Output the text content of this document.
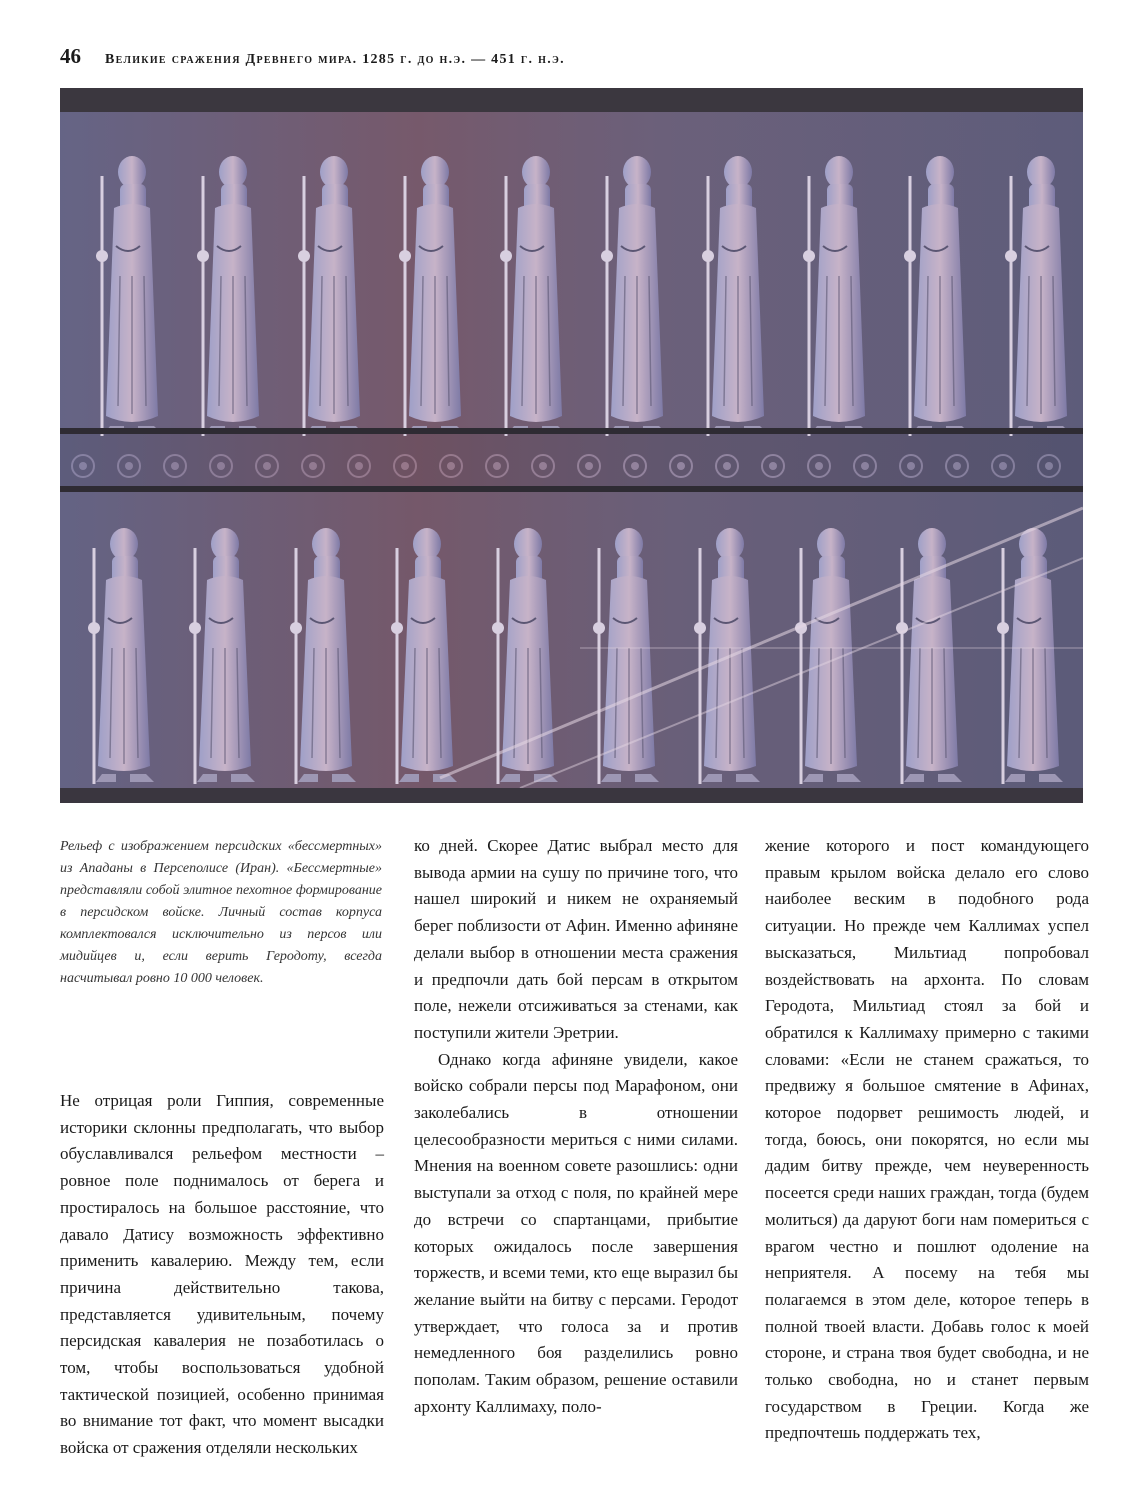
46 Великие сражения Древнего мира. 1285 г. до н.э. — 451 г. н.э.
Рельеф с изображением персидских «бессмертных» из Ападаны в Персеполисе (Иран). «Бессмертные» представляли собой элитное пехотное формирование в персидском войске. Личный состав корпуса комплектовался исключительно из персов или мидийцев и, если верить Геродоту, всегда насчитывал ровно 10 000 человек.

Не отрицая роли Гиппия, современные историки склонны предполагать, что выбор обуславливался рельефом местности – ровное поле поднималось от берега и простиралось на большое расстояние, что давало Датису возможность эффективно применить кавалерию. Между тем, если причина действительно такова, представляется удивительным, почему персидская кавалерия не позаботилась о том, чтобы воспользоваться удобной тактической позицией, особенно принимая во внимание тот факт, что момент высадки войска от сражения отделяли нескольких

ко дней. Скорее Датис выбрал место для вывода армии на сушу по причине того, что нашел широкий и никем не охраняемый берег поблизости от Афин. Именно афиняне делали выбор в отношении места сражения и предпочли дать бой персам в открытом поле, нежели отсиживаться за стенами, как поступили жители Эретрии.

Однако когда афиняне увидели, какое войско собрали персы под Марафоном, они заколебались в отношении целесообразности мериться с ними силами. Мнения на военном совете разошлись: одни выступали за отход с поля, по крайней мере до встречи со спартанцами, прибытие которых ожидалось после завершения торжеств, и всеми теми, кто еще выразил бы желание выйти на битву с персами. Геродот утверждает, что голоса за и против немедленного боя разделились ровно пополам. Таким образом, решение оставили архонту Каллимаху, поло-

жение которого и пост командующего правым крылом войска делало его слово наиболее веским в подобного рода ситуации. Но прежде чем Каллимах успел высказаться, Мильтиад попробовал воздействовать на архонта. По словам Геродота, Мильтиад стоял за бой и обратился к Каллимаху примерно с такими словами: «Если не станем сражаться, то предвижу я большое смятение в Афинах, которое подорвет решимость людей, и тогда, боюсь, они покорятся, но если мы дадим битву прежде, чем неуверенность посеется среди наших граждан, тогда (будем молиться) да даруют боги нам помериться с врагом честно и пошлют одоление на неприятеля. А посему на тебя мы полагаемся в этом деле, которое теперь в полной твоей власти. Добавь голос к моей стороне, и страна твоя будет свободна, и не только свободна, но и станет первым государством в Греции. Когда же предпочтешь поддержать тех,
